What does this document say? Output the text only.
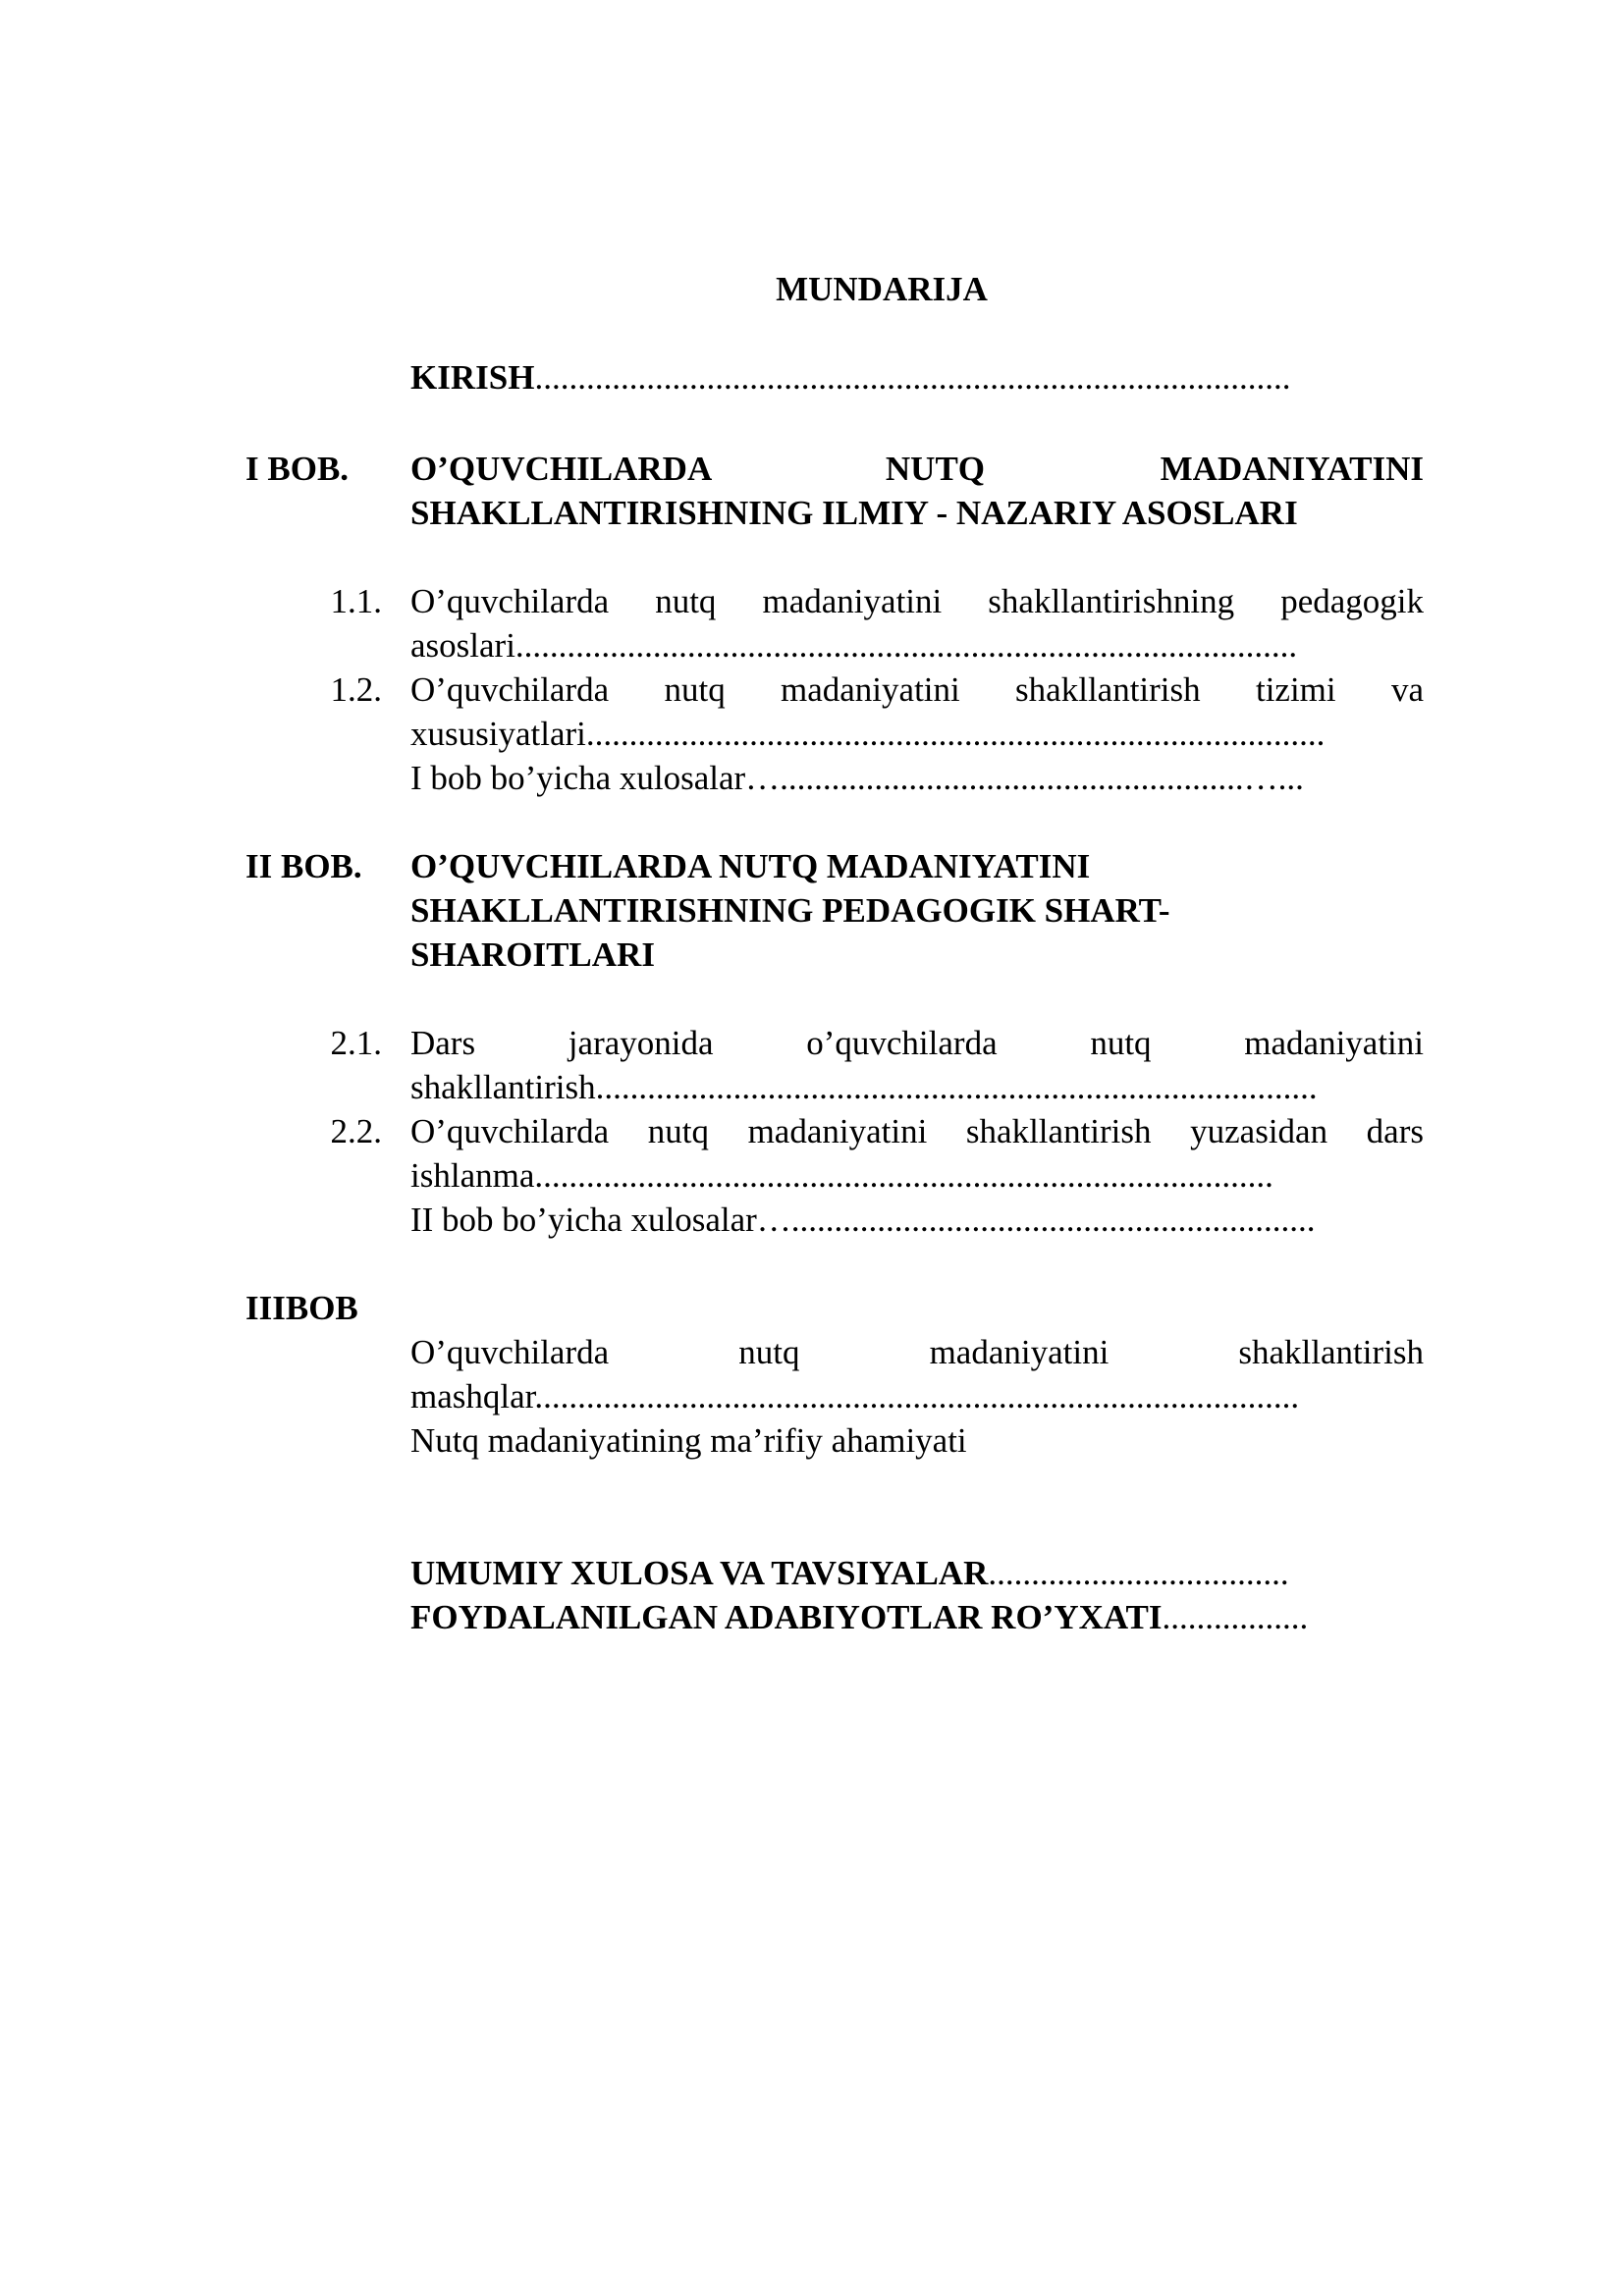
MUNDARIJA
KIRISH........................................................................................
I BOB. O’QUVCHILARDA NUTQ MADANIYATINI
SHAKLLANTIRISHNING ILMIY - NAZARIY ASOSLARI
1.1. O’quvchilarda nutq madaniyatini shakllantirishning pedagogik
asoslari...........................................................................................
1.2. O’quvchilarda nutq madaniyatini shakllantirish tizimi va
xususiyatlari......................................................................................
I bob bo’yicha xulosalar…......................................................…...
II BOB. O’QUVCHILARDA NUTQ MADANIYATINI
SHAKLLANTIRISHNING PEDAGOGIK SHART-
SHAROITLARI
2.1. Dars jarayonida o’quvchilarda nutq madaniyatini
shakllantirish....................................................................................
2.2. O’quvchilarda nutq madaniyatini shakllantirish yuzasidan dars
ishlanma......................................................................................
II bob bo’yicha xulosalar….............................................................
IIIBOB
O’quvchilarda nutq madaniyatini shakllantirish
mashqlar.........................................................................................
Nutq madaniyatining ma’rifiy ahamiyati
UMUMIY XULOSA VA TAVSIYALAR...................................
FOYDALANILGAN ADABIYOTLAR RO’YXATI.................
